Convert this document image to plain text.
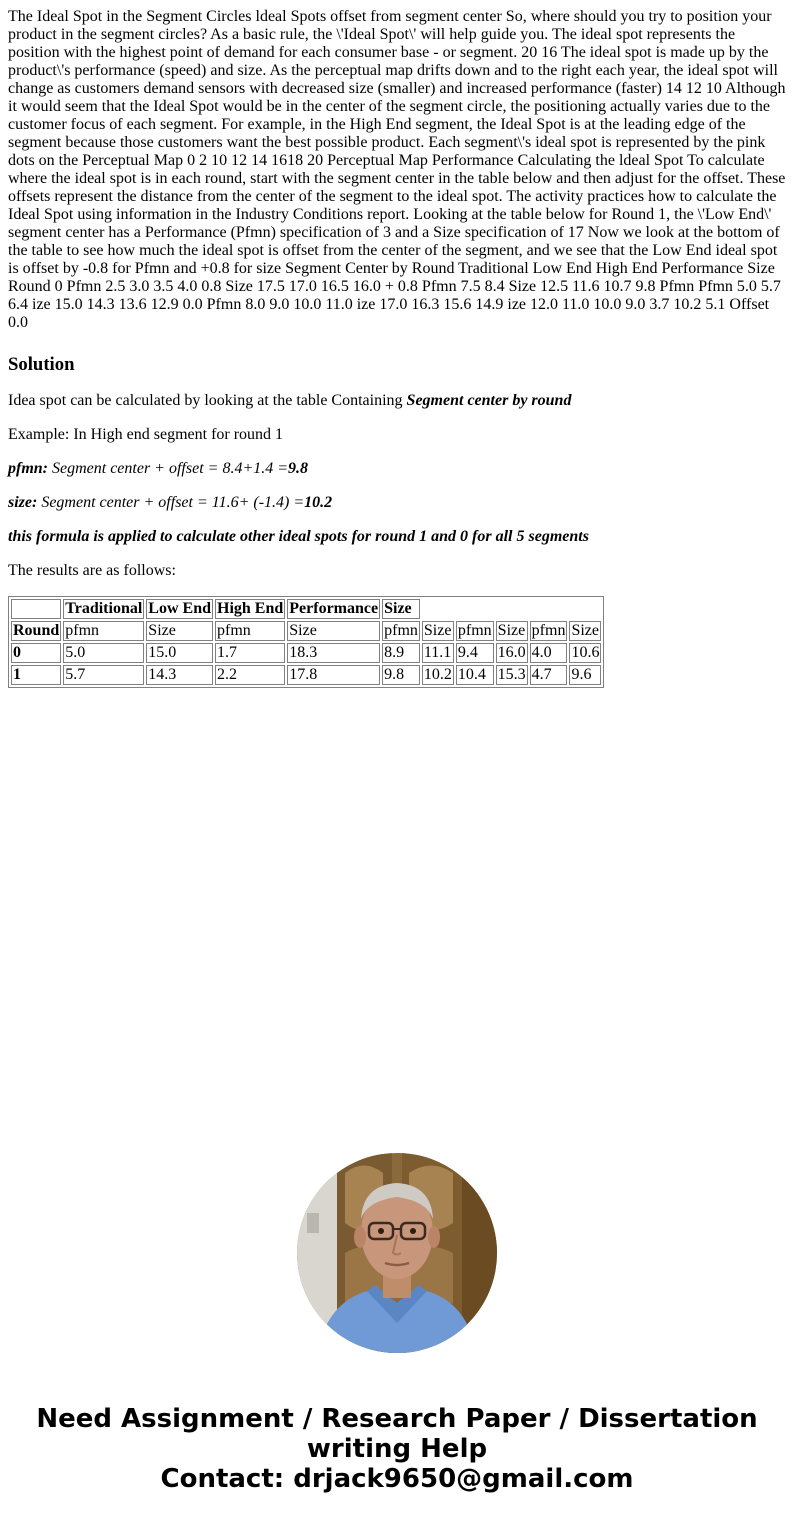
The Ideal Spot in the Segment Circles ldeal Spots offset from segment center So, where should you try to position your product in the segment circles? As a basic rule, the \'Ideal Spot\' will help guide you. The ideal spot represents the position with the highest point of demand for each consumer base - or segment. 20 16 The ideal spot is made up by the product\'s performance (speed) and size. As the perceptual map drifts down and to the right each year, the ideal spot will change as customers demand sensors with decreased size (smaller) and increased performance (faster) 14 12 10 Although it would seem that the Ideal Spot would be in the center of the segment circle, the positioning actually varies due to the customer focus of each segment. For example, in the High End segment, the Ideal Spot is at the leading edge of the segment because those customers want the best possible product. Each segment\'s ideal spot is represented by the pink dots on the Perceptual Map 0 2 10 12 14 1618 20 Perceptual Map Performance Calculating the ldeal Spot To calculate where the ideal spot is in each round, start with the segment center in the table below and then adjust for the offset. These offsets represent the distance from the center of the segment to the ideal spot. The activity practices how to calculate the Ideal Spot using information in the Industry Conditions report. Looking at the table below for Round 1, the \'Low End\' segment center has a Performance (Pfmn) specification of 3 and a Size specification of 17 Now we look at the bottom of the table to see how much the ideal spot is offset from the center of the segment, and we see that the Low End ideal spot is offset by -0.8 for Pfmn and +0.8 for size Segment Center by Round Traditional Low End High End Performance Size Round 0 Pfmn 2.5 3.0 3.5 4.0 0.8 Size 17.5 17.0 16.5 16.0 + 0.8 Pfmn 7.5 8.4 Size 12.5 11.6 10.7 9.8 Pfmn Pfmn 5.0 5.7 6.4 ize 15.0 14.3 13.6 12.9 0.0 Pfmn 8.0 9.0 10.0 11.0 ize 17.0 16.3 15.6 14.9 ize 12.0 11.0 10.0 9.0 3.7 10.2 5.1 Offset 0.0

Solution

Idea spot can be calculated by looking at the table Containing Segment center by round

Example: In High end segment for round 1

pfmn: Segment center + offset = 8.4+1.4 =9.8

size: Segment center + offset = 11.6+ (-1.4) =10.2

this formula is applied to calculate other ideal spots for round 1 and 0 for all 5 segments

The results are as follows:

	Traditional	Low End	High End	Performance	Size					
Round	pfmn	Size	pfmn	Size	pfmn	Size	pfmn	Size	pfmn	Size
0	5.0	15.0	1.7	18.3	8.9	11.1	9.4	16.0	4.0	10.6
1	5.7	14.3	2.2	17.8	9.8	10.2	10.4	15.3	4.7	9.6
Need Assignment / Research Paper / Dissertation
writing Help
Contact: drjack9650@gmail.com
